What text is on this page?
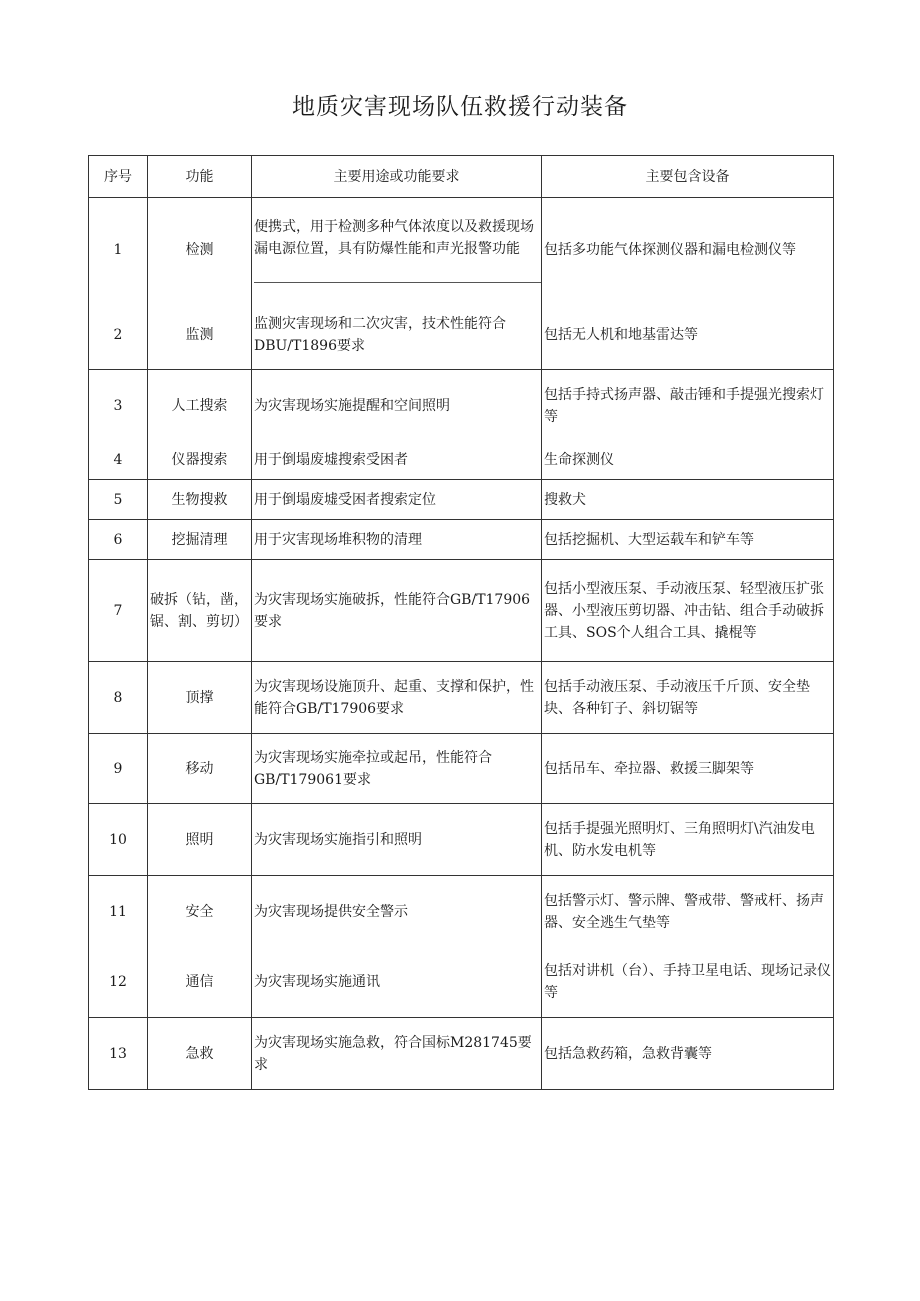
地质灾害现场队伍救援行动装备
序号	功能	主要用途或功能要求	主要包含设备
1	检测	便携式，用于检测多种气体浓度以及救援现场漏电源位置，具有防爆性能和声光报警功能	包括多功能气体探测仪器和漏电检测仪等
2	监测	监测灾害现场和二次灾害，技术性能符合DBU/T1896要求	包括无人机和地基雷达等
3	人工搜索	为灾害现场实施提醒和空间照明	包括手持式扬声器、敲击锤和手提强光搜索灯等
4	仪器搜索	用于倒塌废墟搜索受困者	生命探测仪
5	生物搜救	用于倒塌废墟受困者搜索定位	搜救犬
6	挖掘清理	用于灾害现场堆积物的清理	包括挖掘机、大型运载车和铲车等
7	破拆（钻，凿，锯、割、剪切）	为灾害现场实施破拆，性能符合GB/T17906要求	包括小型液压泵、手动液压泵、轻型液压扩张器、小型液压剪切器、冲击钻、组合手动破拆工具、SOS个人组合工具、撬棍等
8	顶撑	为灾害现场设施顶升、起重、支撑和保护，性能符合GB/T17906要求	包括手动液压泵、手动液压千斤顶、安全垫块、各种钉子、斜切锯等
9	移动	为灾害现场实施牵拉或起吊，性能符合GB/T179061要求	包括吊车、牵拉器、救援三脚架等
10	照明	为灾害现场实施指引和照明	包括手提强光照明灯、三角照明灯\汽油发电机、防水发电机等
11	安全	为灾害现场提供安全警示	包括警示灯、警示牌、警戒带、警戒杆、扬声器、安全逃生气垫等
12	通信	为灾害现场实施通讯	包括对讲机（台）、手持卫星电话、现场记录仪等
13	急救	为灾害现场实施急救，符合国标M281745要求	包括急救药箱，急救背囊等
